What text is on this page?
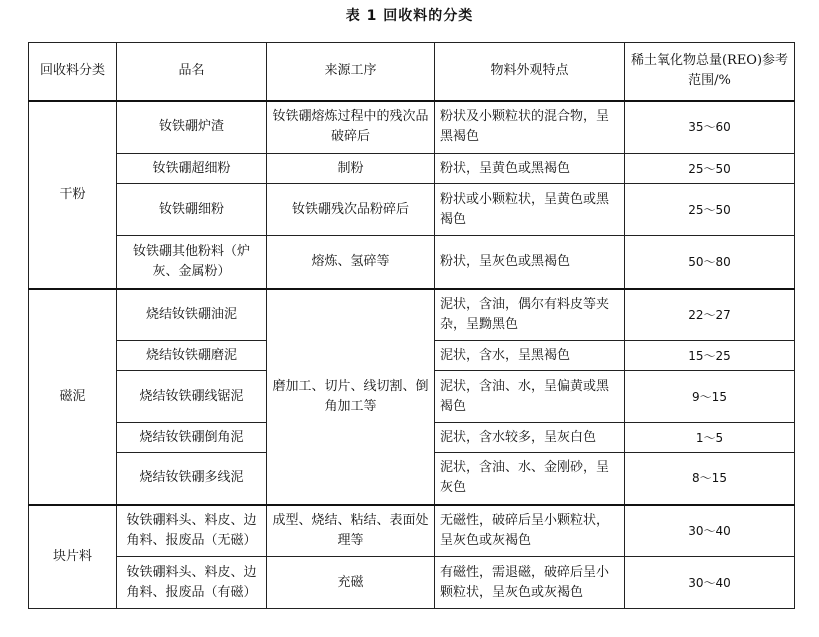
表 1 回收料的分类
回收料分类	品名	来源工序	物料外观特点	稀土氧化物总量(REO)参考范围/%
干粉	钕铁硼炉渣	钕铁硼熔炼过程中的残次品破碎后	粉状及小颗粒状的混合物，呈黑褐色	35～60
	钕铁硼超细粉	制粉	粉状，呈黄色或黑褐色	25～50
	钕铁硼细粉	钕铁硼残次品粉碎后	粉状或小颗粒状，呈黄色或黑褐色	25～50
	钕铁硼其他粉料（炉灰、金属粉）	熔炼、氢碎等	粉状，呈灰色或黑褐色	50～80
磁泥	烧结钕铁硼油泥	磨加工、切片、线切割、倒角加工等	泥状，含油，偶尔有料皮等夹杂，呈黝黑色	22～27
	烧结钕铁硼磨泥		泥状，含水，呈黑褐色	15～25
	烧结钕铁硼线锯泥		泥状，含油、水，呈偏黄或黑褐色	9～15
	烧结钕铁硼倒角泥		泥状，含水较多，呈灰白色	1～5
	烧结钕铁硼多线泥		泥状，含油、水、金刚砂，呈灰色	8～15
块片料	钕铁硼料头、料皮、边角料、报废品（无磁）	成型、烧结、粘结、表面处理等	无磁性，破碎后呈小颗粒状，呈灰色或灰褐色	30～40
	钕铁硼料头、料皮、边角料、报废品（有磁）	充磁	有磁性，需退磁，破碎后呈小颗粒状，呈灰色或灰褐色	30～40
